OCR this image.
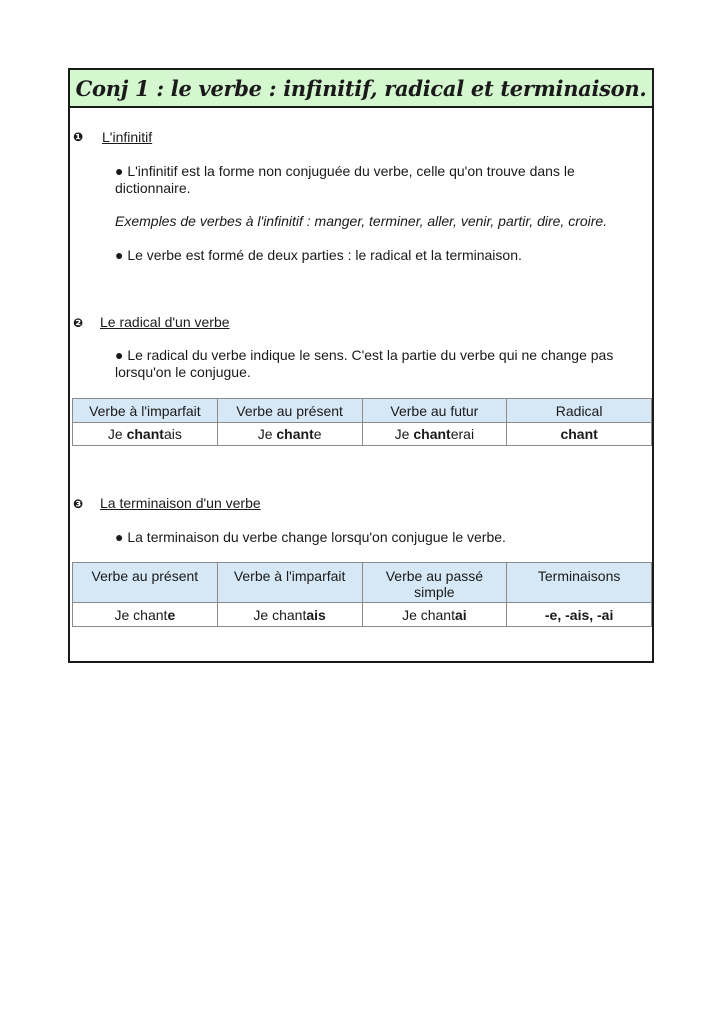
Conj 1 : le verbe : infinitif, radical et terminaison.
❶ L'infinitif
● L'infinitif est la forme non conjuguée du verbe, celle qu'on trouve dans le dictionnaire.
Exemples de verbes à l'infinitif : manger, terminer, aller, venir, partir, dire, croire.
● Le verbe est formé de deux parties : le radical et la terminaison.
❷ Le radical d'un verbe
● Le radical du verbe indique le sens. C'est la partie du verbe qui ne change pas lorsqu'on le conjugue.
Verbe à l'imparfait	Verbe au présent	Verbe au futur	Radical
Je chantais	Je chante	Je chanterai	chant
❸ La terminaison d'un verbe
● La terminaison du verbe change lorsqu'on conjugue le verbe.
Verbe au présent	Verbe à l'imparfait	Verbe au passé simple	Terminaisons
Je chante	Je chantais	Je chantai	-e, -ais, -ai
